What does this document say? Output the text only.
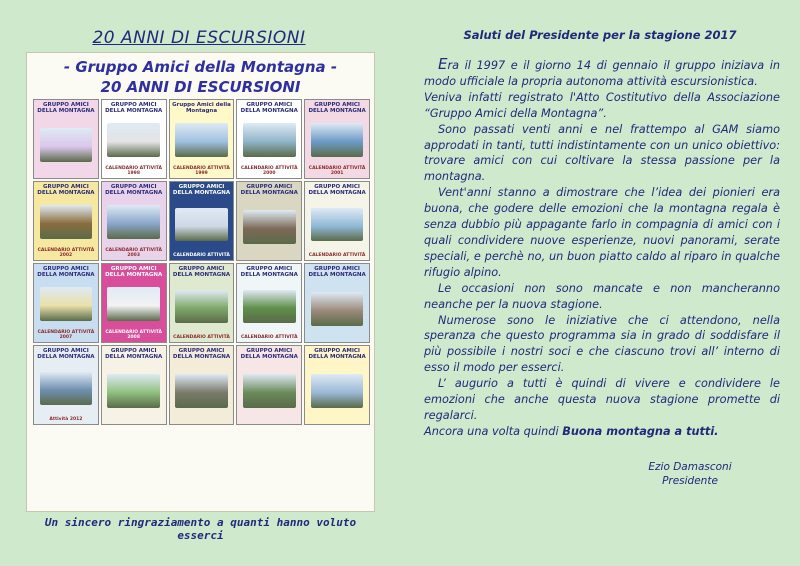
20 ANNI DI ESCURSIONI
- Gruppo Amici della Montagna -
20 ANNI DI ESCURSIONI
GRUPPO AMICI DELLA MONTAGNA
GRUPPO AMICI DELLA MONTAGNA
CALENDARIO ATTIVITÀ 1998
Gruppo Amici della Montagna
CALENDARIO ATTIVITÀ 1999
GRUPPO AMICI DELLA MONTAGNA
CALENDARIO ATTIVITÀ 2000
GRUPPO AMICI DELLA MONTAGNA
CALENDARIO ATTIVITÀ 2001
GRUPPO AMICI DELLA MONTAGNA
CALENDARIO ATTIVITÀ 2002
GRUPPO AMICI DELLA MONTAGNA
CALENDARIO ATTIVITÀ 2003
GRUPPO AMICI DELLA MONTAGNA
CALENDARIO ATTIVITÀ
GRUPPO AMICI DELLA MONTAGNA
GRUPPO AMICI DELLA MONTAGNA
CALENDARIO ATTIVITÀ
GRUPPO AMICI DELLA MONTAGNA
CALENDARIO ATTIVITÀ 2007
GRUPPO AMICI DELLA MONTAGNA
CALENDARIO ATTIVITÀ 2008
GRUPPO AMICI DELLA MONTAGNA
CALENDARIO ATTIVITÀ
GRUPPO AMICI DELLA MONTAGNA
CALENDARIO ATTIVITÀ
GRUPPO AMICI DELLA MONTAGNA
GRUPPO AMICI DELLA MONTAGNA
Attività 2012
GRUPPO AMICI DELLA MONTAGNA
GRUPPO AMICI DELLA MONTAGNA
GRUPPO AMICI DELLA MONTAGNA
GRUPPO AMICI DELLA MONTAGNA
Un sincero ringraziamento a quanti hanno voluto esserci
Saluti del Presidente per la stagione 2017

Era il 1997 e il giorno 14 di gennaio il gruppo iniziava in modo ufficiale la propria autonoma attività escursionistica.

Veniva infatti registrato l'Atto Costitutivo della Associazione “Gruppo Amici della Montagna”.

Sono passati venti anni e nel frattempo al GAM siamo approdati in tanti, tutti indistintamente con un unico obiettivo: trovare amici con cui coltivare la stessa passione per la montagna.

Vent'anni stanno a dimostrare che l’idea dei pionieri era buona, che godere delle emozioni che la montagna regala è senza dubbio più appagante farlo in compagnia di amici con i quali condividere nuove esperienze, nuovi panorami, serate speciali, e perchè no, un buon piatto caldo al riparo in qualche rifugio alpino.

Le occasioni non sono mancate e non mancheranno neanche per la nuova stagione.

Numerose sono le iniziative che ci attendono, nella speranza che questo programma sia in grado di soddisfare il più possibile i nostri soci e che ciascuno trovi all’ interno di esso il modo per esserci.

L’ augurio a tutti è quindi di vivere e condividere le emozioni che anche questa nuova stagione promette di regalarci.

Ancora una volta quindi Buona montagna a tutti.

Ezio Damasconi
Presidente
